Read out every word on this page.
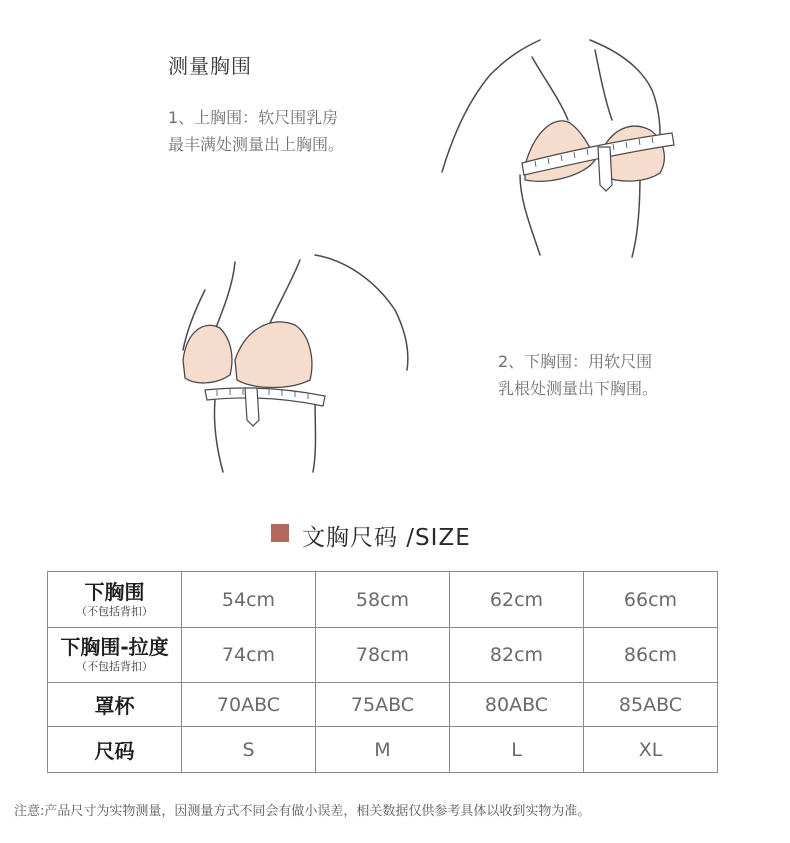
测量胸围
1、上胸围：软尺围乳房
最丰满处测量出上胸围。
2、下胸围：用软尺围
乳根处测量出下胸围。
文胸尺码 /SIZE
下胸围
（不包括背扣）	54cm	58cm	62cm	66cm

下胸围-拉度
（不包括背扣）	74cm	78cm	82cm	86cm
罩杯	70ABC	75ABC	80ABC	85ABC
尺码	S	M	L	XL
注意:产品尺寸为实物测量，因测量方式不同会有做小误差，相关数据仅供参考具体以收到实物为准。
